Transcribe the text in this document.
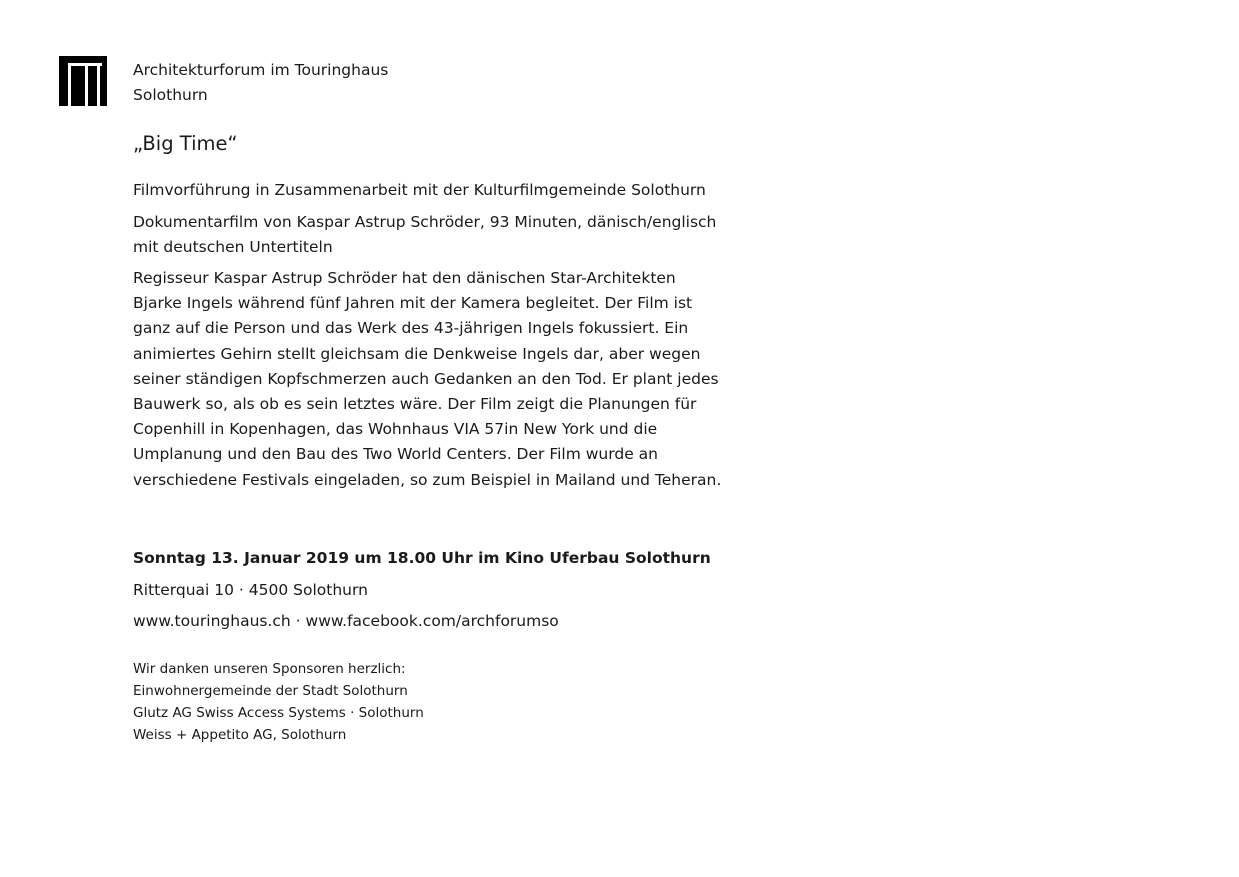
Architekturforum im Touringhaus
Solothurn
„Big Time“

Filmvorführung in Zusammenarbeit mit der Kulturfilmgemeinde Solothurn

Dokumentarfilm von Kaspar Astrup Schröder, 93 Minuten, dänisch/englisch
mit deutschen Untertiteln

Regisseur Kaspar Astrup Schröder hat den dänischen Star-Architekten
Bjarke Ingels während fünf Jahren mit der Kamera begleitet. Der Film ist
ganz auf die Person und das Werk des 43-jährigen Ingels fokussiert. Ein
animiertes Gehirn stellt gleichsam die Denkweise Ingels dar, aber wegen
seiner ständigen Kopfschmerzen auch Gedanken an den Tod. Er plant jedes
Bauwerk so, als ob es sein letztes wäre. Der Film zeigt die Planungen für
Copenhill in Kopenhagen, das Wohnhaus VIA 57in New York und die
Umplanung und den Bau des Two World Centers. Der Film wurde an
verschiedene Festivals eingeladen, so zum Beispiel in Mailand und Teheran.

Sonntag 13. Januar 2019 um 18.00 Uhr im Kino Uferbau Solothurn
Ritterquai 10 · 4500 Solothurn
www.touringhaus.ch · www.facebook.com/archforumso
Wir danken unseren Sponsoren herzlich:
Einwohnergemeinde der Stadt Solothurn
Glutz AG Swiss Access Systems · Solothurn
Weiss + Appetito AG, Solothurn
